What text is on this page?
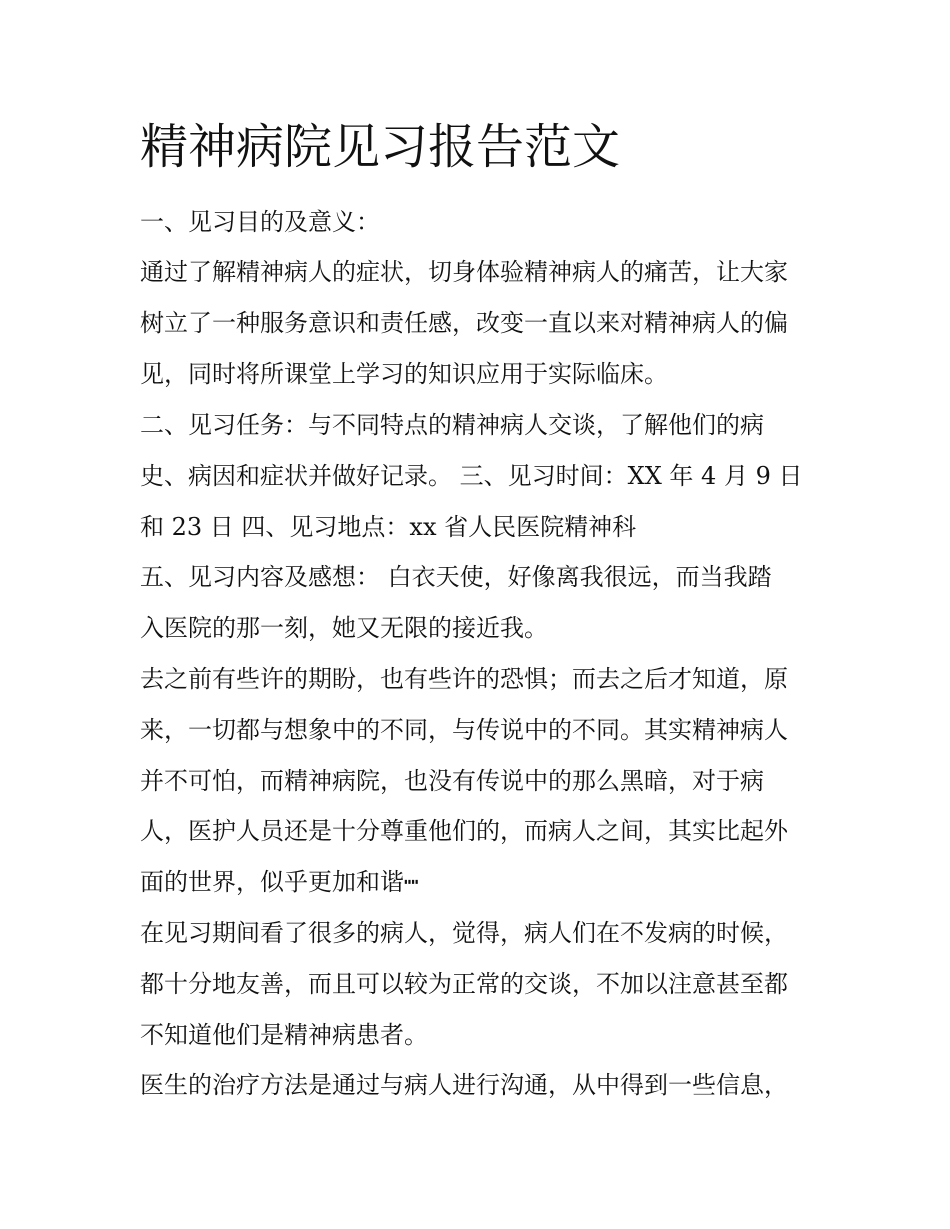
精神病院见习报告范文

一、见习目的及意义：

通过了解精神病人的症状，切身体验精神病人的痛苦，让大家

树立了一种服务意识和责任感，改变一直以来对精神病人的偏

见，同时将所课堂上学习的知识应用于实际临床。

二、见习任务：与不同特点的精神病人交谈，了解他们的病

史、病因和症状并做好记录。 三、见习时间：XX 年 4 月 9 日

和 23 日 四、见习地点：xx 省人民医院精神科

五、见习内容及感想： 白衣天使，好像离我很远，而当我踏

入医院的那一刻，她又无限的接近我。

去之前有些许的期盼，也有些许的恐惧；而去之后才知道，原

来，一切都与想象中的不同，与传说中的不同。其实精神病人

并不可怕，而精神病院，也没有传说中的那么黑暗，对于病

人，医护人员还是十分尊重他们的，而病人之间，其实比起外

面的世界，似乎更加和谐┉

在见习期间看了很多的病人，觉得，病人们在不发病的时候，

都十分地友善，而且可以较为正常的交谈，不加以注意甚至都

不知道他们是精神病患者。

医生的治疗方法是通过与病人进行沟通，从中得到一些信息，
